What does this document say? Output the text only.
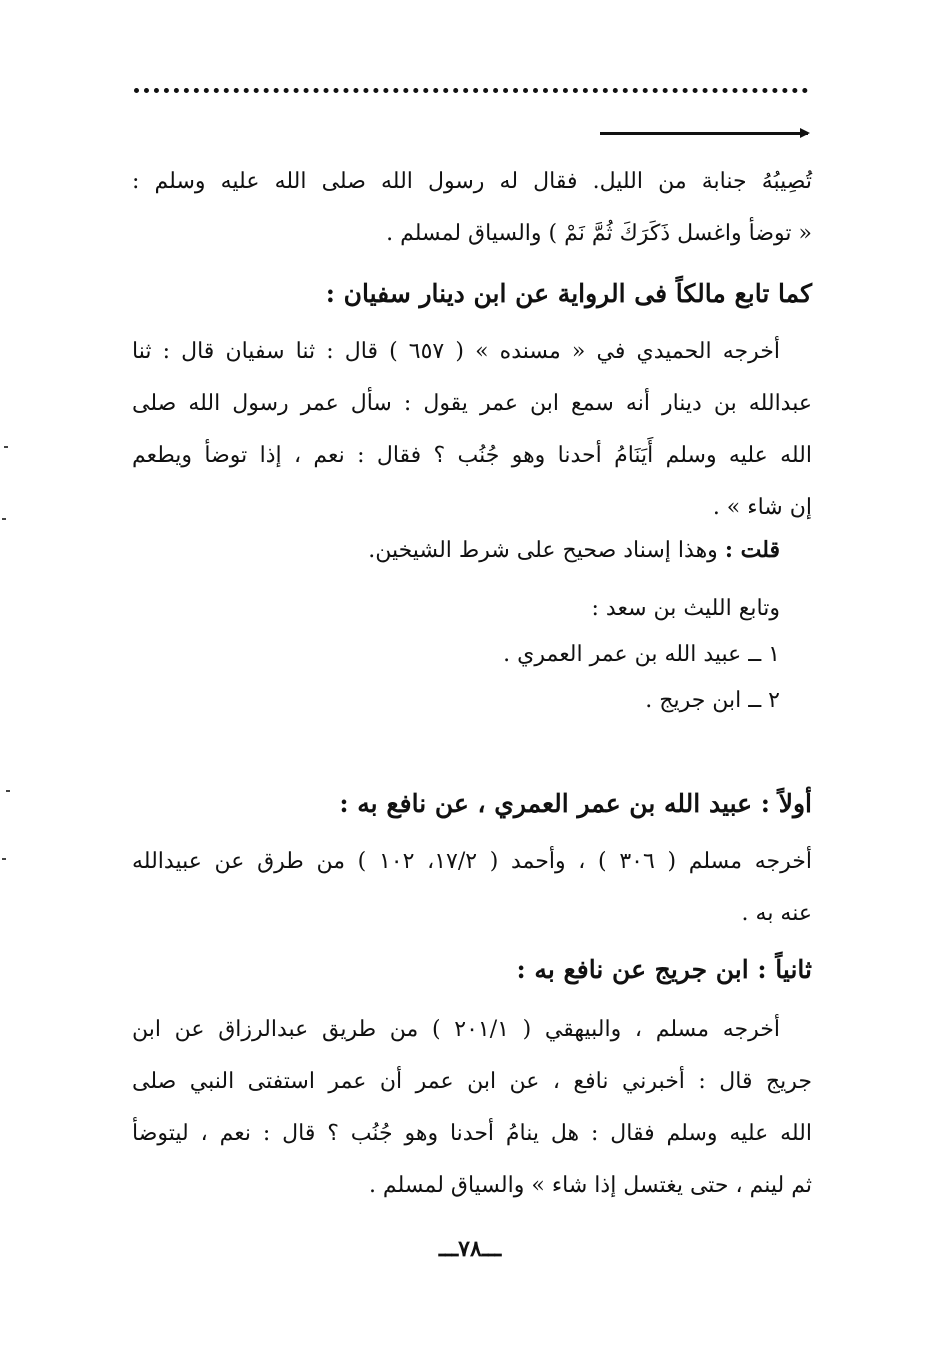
تُصِيبُهُ جنابة من الليل. فقال له رسول الله صلى الله عليه وسلم :
« توضأ واغسل ذَكَرَكَ ثُمَّ نَمْ ) والسياق لمسلم .
كما تابع مالكاً فى الرواية عن ابن دينار سفيان :
أخرجه الحميدي في « مسنده » ( ٦٥٧ ) قال : ثنا سفيان قال : ثنا
عبدالله بن دينار أنه سمع ابن عمر يقول : سأل عمر رسول الله صلى
الله عليه وسلم أَيَنَامُ أحدنا وهو جُنُب ؟ فقال : نعم ، إذا توضأ ويطعم
إن شاء » .
قلت : وهذا إسناد صحيح على شرط الشيخين.
وتابع الليث بن سعد :
١ ــ عبيد الله بن عمر العمري .
٢ ــ ابن جريج .
أولاً : عبيد الله بن عمر العمري ، عن نافع به :
أخرجه مسلم ( ٣٠٦ ) ، وأحمد ( ١٧/٢، ١٠٢ ) من طرق عن عبيدالله
عنه به .
ثانياً : ابن جريج عن نافع به :
أخرجه مسلم ، والبيهقي ( ٢٠١/١ ) من طريق عبدالرزاق عن ابن
جريج قال : أخبرني نافع ، عن ابن عمر أن عمر استفتى النبي صلى
الله عليه وسلم فقال : هل ينامُ أحدنا وهو جُنُب ؟ قال : نعم ، ليتوضأ
ثم لينم ، حتى يغتسل إذا شاء » والسياق لمسلم .
ـــ٧٨ـــ
